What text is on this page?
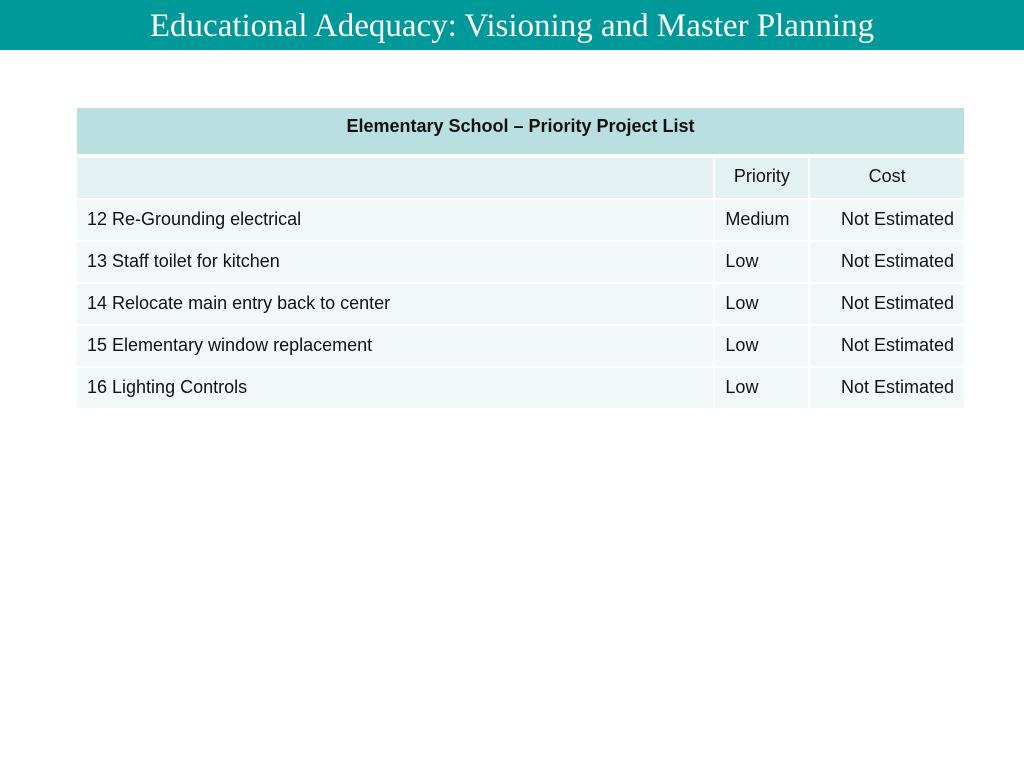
Educational Adequacy: Visioning and Master Planning
Elementary School – Priority Project List		
	Priority	Cost
12 Re-Grounding electrical	Medium	Not Estimated
13 Staff toilet for kitchen	Low	Not Estimated
14 Relocate main entry back to center	Low	Not Estimated
15 Elementary window replacement	Low	Not Estimated
16 Lighting Controls	Low	Not Estimated
